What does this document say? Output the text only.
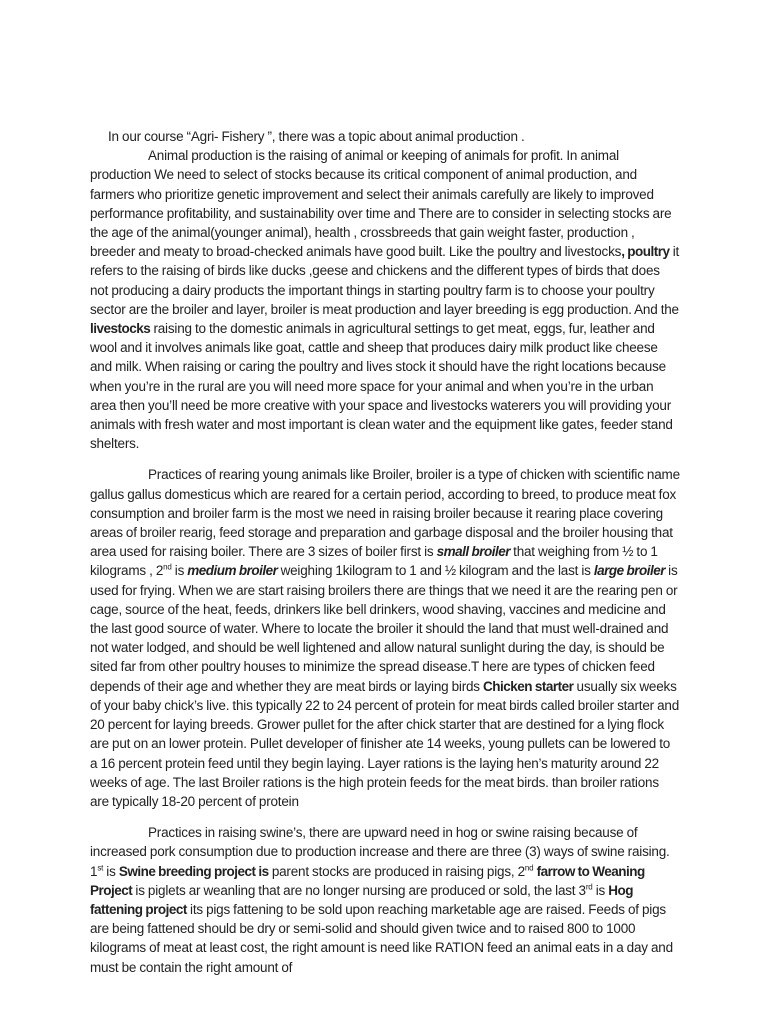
In our course “Agri- Fishery ”, there was a topic about animal production .

Animal production is the raising of animal or keeping of animals for profit. In animal production We need to select of stocks because its critical component of animal production, and farmers who prioritize genetic improvement and select their animals carefully are likely to improved performance profitability, and sustainability over time and There are to consider in selecting stocks are the age of the animal(younger animal), health , crossbreeds that gain weight faster, production , breeder and meaty to broad-checked animals have good built. Like the poultry and livestocks, poultry it refers to the raising of birds like ducks ,geese and chickens and the different types of birds that does not producing a dairy products the important things in starting poultry farm is to choose your poultry sector are the broiler and layer, broiler is meat production and layer breeding is egg production. And the livestocks raising to the domestic animals in agricultural settings to get meat, eggs, fur, leather and wool and it involves animals like goat, cattle and sheep that produces dairy milk product like cheese and milk. When raising or caring the poultry and lives stock it should have the right locations because when you’re in the rural are you will need more space for your animal and when you’re in the urban area then you’ll need be more creative with your space and livestocks waterers you will providing your animals with fresh water and most important is clean water and the equipment like gates, feeder stand shelters.

Practices of rearing young animals like Broiler, broiler is a type of chicken with scientific name gallus gallus domesticus which are reared for a certain period, according to breed, to produce meat fox consumption and broiler farm is the most we need in raising broiler because it rearing place covering areas of broiler rearig, feed storage and preparation and garbage disposal and the broiler housing that area used for raising boiler. There are 3 sizes of boiler first is small broiler that weighing from ½ to 1 kilograms , 2nd is medium broiler weighing 1kilogram to 1 and ½ kilogram and the last is large broiler is used for frying. When we are start raising broilers there are things that we need it are the rearing pen or cage, source of the heat, feeds, drinkers like bell drinkers, wood shaving, vaccines and medicine and the last good source of water. Where to locate the broiler it should the land that must well-drained and not water lodged, and should be well lightened and allow natural sunlight during the day, is should be sited far from other poultry houses to minimize the spread disease.T here are types of chicken feed depends of their age and whether they are meat birds or laying birds Chicken starter usually six weeks of your baby chick’s live. this typically 22 to 24 percent of protein for meat birds called broiler starter and 20 percent for laying breeds. Grower pullet for the after chick starter that are destined for a lying flock are put on an lower protein. Pullet developer of finisher ate 14 weeks, young pullets can be lowered to a 16 percent protein feed until they begin laying. Layer rations is the laying hen’s maturity around 22 weeks of age. The last Broiler rations is the high protein feeds for the meat birds. than broiler rations are typically 18-20 percent of protein

Practices in raising swine’s, there are upward need in hog or swine raising because of increased pork consumption due to production increase and there are three (3) ways of swine raising. 1st is Swine breeding project is parent stocks are produced in raising pigs, 2nd farrow to Weaning Project is piglets ar weanling that are no longer nursing are produced or sold, the last 3rd is Hog fattening project its pigs fattening to be sold upon reaching marketable age are raised. Feeds of pigs are being fattened should be dry or semi-solid and should given twice and to raised 800 to 1000 kilograms of meat at least cost, the right amount is need like RATION feed an animal eats in a day and must be contain the right amount of
